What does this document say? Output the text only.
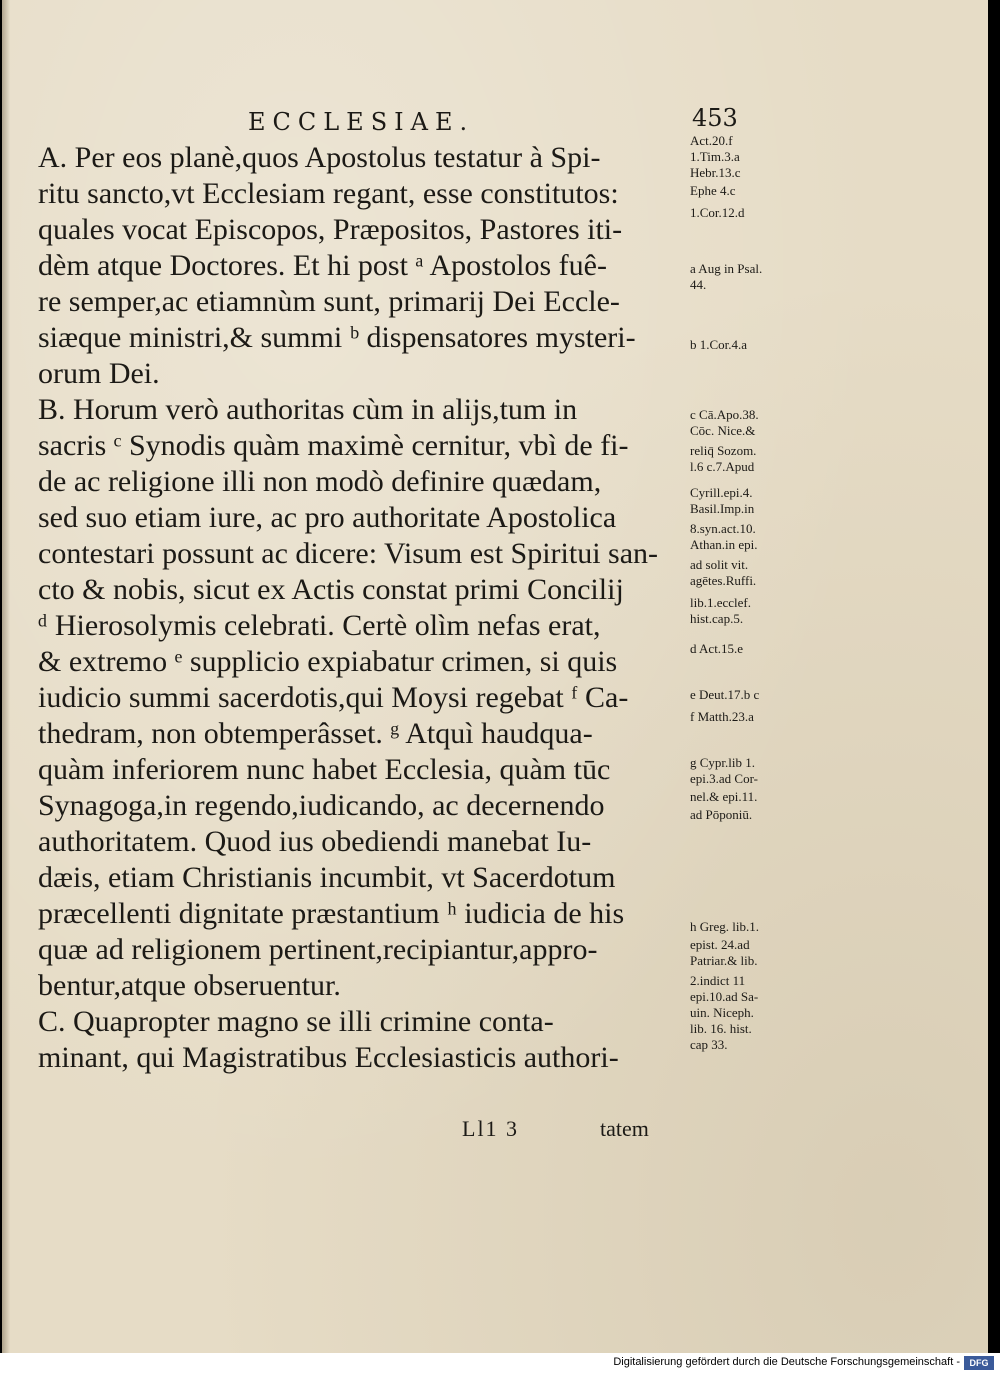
ECCLESIAE.	453
A. Per eos planè,quos Apostolus testatur à Spi-
ritu sancto,vt Ecclesiam regant, esse constitutos:
quales vocat Episcopos, Præpositos, Pastores iti-
dèm atque Doctores. Et hi post ᵃ Apostolos fuê-
re semper,ac etiamnùm sunt, primarij Dei Eccle-
siæque ministri,& summi ᵇ dispensatores mysteri-
orum Dei.
B. Horum verò authoritas cùm in alijs,tum in
sacris ᶜ Synodis quàm maximè cernitur, vbì de fi-
de ac religione illi non modò definire quædam,
sed suo etiam iure, ac pro authoritate Apostolica
contestari possunt ac dicere: Visum est Spiritui san-
cto & nobis, sicut ex Actis constat primi Concilij
ᵈ Hierosolymis celebrati. Certè olìm nefas erat,
& extremo ᵉ supplicio expiabatur crimen, si quis
iudicio summi sacerdotis,qui Moysi regebat ᶠ Ca-
thedram, non obtemperâsset. ᵍ Atquì haudqua-
quàm inferiorem nunc habet Ecclesia, quàm tūc
Synagoga,in regendo,iudicando, ac decernendo
authoritatem. Quod ius obediendi manebat Iu-
dæis, etiam Christianis incumbit, vt Sacerdotum
præcellenti dignitate præstantium ʰ iudicia de his
quæ ad religionem pertinent,recipiantur,appro-
bentur,atque obseruentur.
C. Quapropter magno se illi crimine conta-
minant, qui Magistratibus Ecclesiasticis authori-
Act.20.f
1.Tim.3.a
Hebr.13.c
Ephe 4.c
1.Cor.12.d
a Aug in Psal.
44.
b 1.Cor.4.a
c Cā.Apo.38.
Cōc. Nice.&
reliq̄ Sozom.
l.6 c.7.Apud
Cyrill.epi.4.
Basil.Imp.in
8.syn.act.10.
Athan.in epi.
ad solit vit.
agētes.Ruffi.
lib.1.ecclef.
hist.cap.5.
d Act.15.e
e Deut.17.b c
f Matth.23.a
g Cypr.lib 1.
epi.3.ad Cor-
nel.& epi.11.
ad Pōponiū.
h Greg. lib.1.
epist. 24.ad
Patriar.& lib.
2.indict 11
epi.10.ad Sa-
uin. Niceph.
lib. 16. hist.
cap 33.
Ll1 3	tatem
Digitalisierung gefördert durch die Deutsche Forschungsgemeinschaft -	DFG
